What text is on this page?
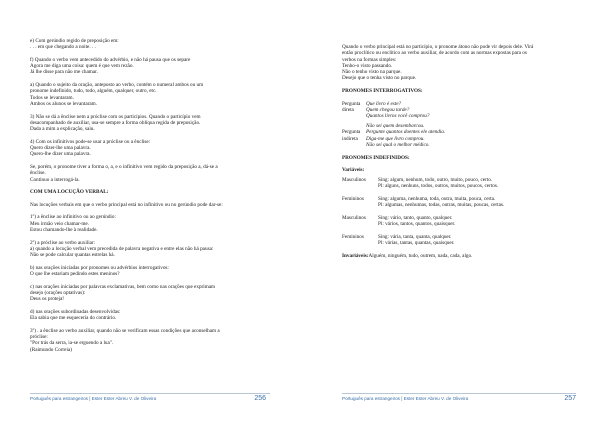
e) Com gerúndio regido de preposição em:

. . . em que chegando a noite. . .

f) Quando o verbo vem antecedido do advérbio, e não há pausa que os separe

Agora me diga uma coisa: quem é que vem rezão.

Já lhe disse para não me chamar.

a) Quando o sujeito da oração, anteposto ao verbo, contém o numeral ambos ou um

pronome indefinido, tudo, todo, alguém, qualquer, outro, etc.

Todos se levantaram.

Ambos os alunos se levantaram.

3) Não se dá a ênclise nem a próclise com os particípios. Quando o particípio vem

desacompanhado de auxiliar, usa-se sempre a forma oblíqua regida de preposição.

Dada a mim a explicação, saiu.

4) Com os infinitivos pode-se usar a próclise ou a ênclise:

Quero dizer-lhe uma palavra.

Quero-lhe dizer uma palavra.

Se, porém, o pronome tiver a forma o, a, e o infinitivo vem regido da preposição a, dá-se a

ênclise.

Continuo a interrogá-la.

COM UMA LOCUÇÃO VERBAL:

Nas locuções verbais em que o verbo principal está no infinitivo ou no gerúndio pode dar-se:

1º) a ênclise ao infinitivo ou ao gerúndio:

Meu irmão veio chamar-me.

Estou chamando-lhe à realidade.

2º) a próclise ao verbo auxiliar:

a) quando a locução verbal vem precedida de palavra negativa e entre elas não há pausa:

Não se pode calcular quantas estrelas há.

b) nas orações iniciadas por pronomes ou advérbios interrogativos:

O que lhe estariam pedindo estes meninos?

c) nas orações iniciadas por palavras exclamativas, bem como nas orações que exprimam

desejo (orações optativas):

Deus os proteja!

d) nas orações subordinadas desenvolvidas:

Ela sabia que me esqueceria do contrário.

3º) . a ênclise ao verbo auxiliar, quando não se verificam essas condições que aconselham a

próclise:

"Por trás da serra, ia-se erguendo a lua".

(Raimundo Correia)

Português para estrangeiros | Ester Ester Abreu V. de Oliveira	256

Quando o verbo principal está no particípio, o pronome átono não pode vir depois dele. Virá

então proclítico ou enclítico ao verbo auxiliar, de acordo com as normas expostas para os

verbos na formas simples:

Tenho-o visto passando.

Não o tenho visto na parque.

Desejo que o tenha visto no parque.

PRONOMES INTERROGATIVOS:

Pergunta	Que livro é este?
direta	Quem chegou tarde?
Quantos livros você comprou?
Não sei quem desembarcou.
Pergunta	Pergunte quantos doentes ele atendia.
indireta	Diga-me que livro comprou.
Não sei qual o melhor médico.

PRONOMES INDEFINIDOS:

Variáveis:

Masculinos	Sing: algum, nenhum, todo, outro, muito, pouco, certo.
Pl: alguns, nenhuns, todos, outros, muitos, poucos, certos.
Femininos	Sing: alguma, nenhuma, toda, outra, muita, pouca, certa.
Pl: algumas, nenhumas, todas, outras, muitas, poucas, certas.
Masculinos	Sing: vário, tanto, quanto, qualquer.
Pl: vários, tantos, quantos, quaisquer.
Femininos	Sing: vária, tanta, quanta, qualquer.
Pl: várias, tantas, quantas, quaisquer.
Invariáveis: Alguém, ninguém, tudo, outrem, nada, cada, algo.
Português para estrangeiros | Ester Ester Abreu V. de Oliveira	257
